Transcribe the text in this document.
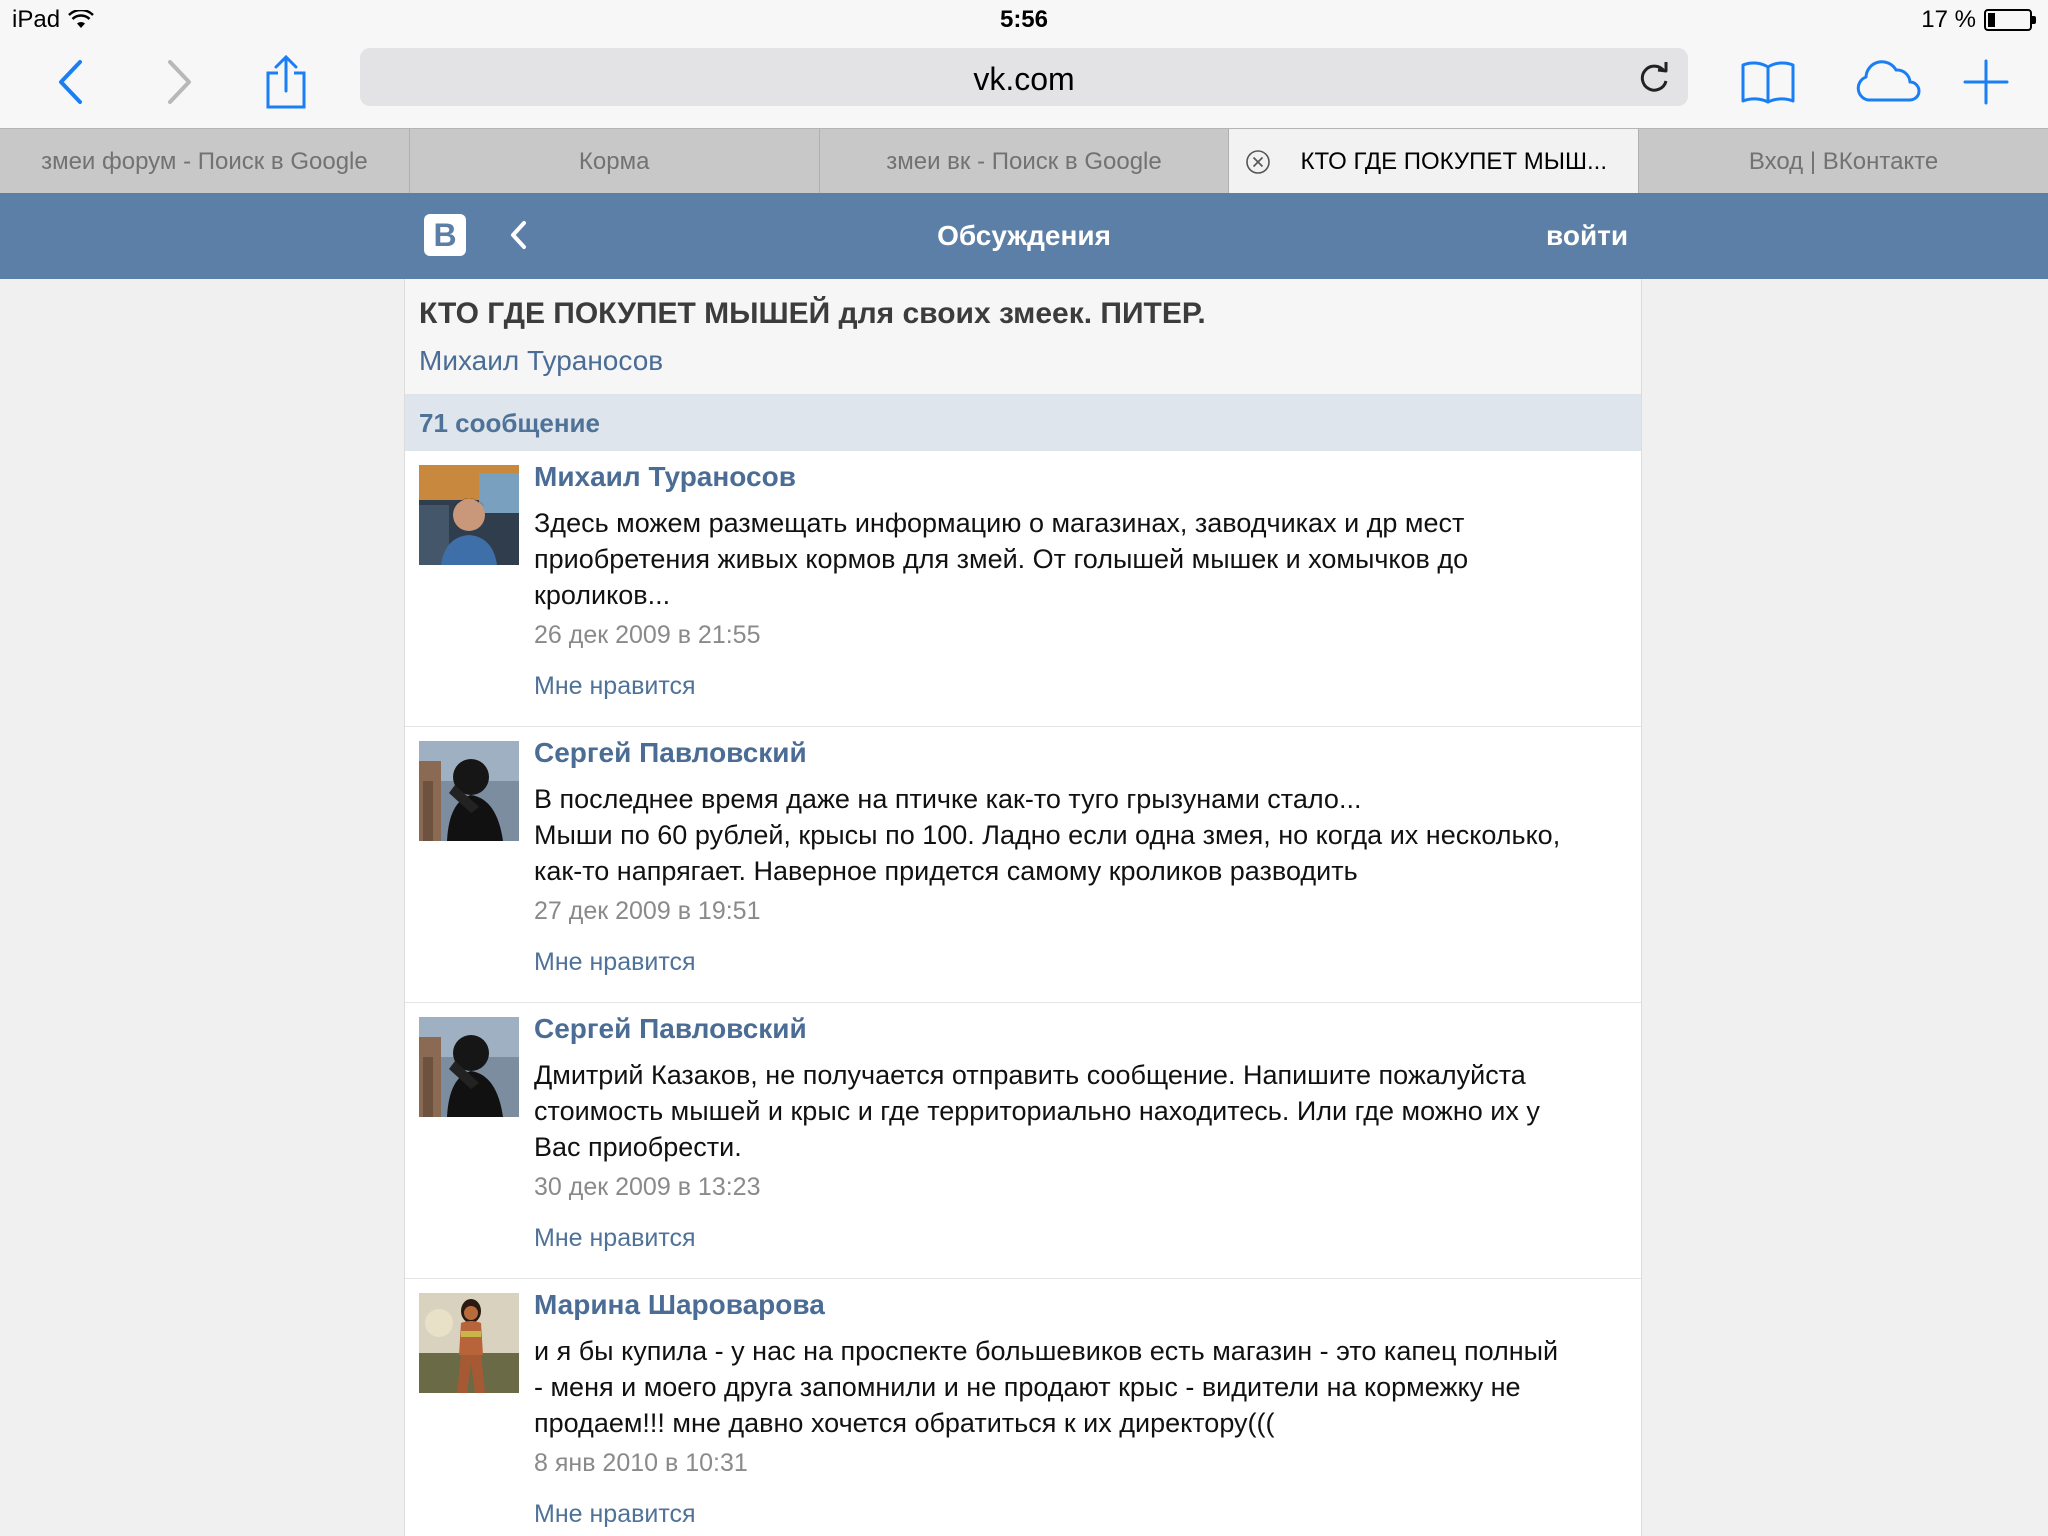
iPad	5:56	17 %
vk.com
змеи форум - Поиск в Google	Корма	змеи вк - Поиск в Google	КТО ГДЕ ПОКУПЕТ МЫШ...	Вход | ВКонтакте
В	Обсуждения	войти
КТО ГДЕ ПОКУПЕТ МЫШЕЙ для своих змеек. ПИТЕР.
Михаил Тураносов
71 сообщение
Михаил Тураносов
Здесь можем размещать информацию о магазинах, заводчиках и др мест
приобретения живых кормов для змей. От голышей мышек и хомычков до
кроликов...
26 дек 2009 в 21:55
Мне нравится
Сергей Павловский
В последнее время даже на птичке как-то туго грызунами стало...
Мыши по 60 рублей, крысы по 100. Ладно если одна змея, но когда их несколько,
как-то напрягает. Наверное придется самому кроликов разводить
27 дек 2009 в 19:51
Мне нравится
Сергей Павловский
Дмитрий Казаков, не получается отправить сообщение. Напишите пожалуйста
стоимость мышей и крыс и где территориально находитесь. Или где можно их у
Вас приобрести.
30 дек 2009 в 13:23
Мне нравится
Марина Шароварова
и я бы купила - у нас на проспекте большевиков есть магазин - это капец полный
- меня и моего друга запомнили и не продают крыс - видители на кормежку не
продаем!!! мне давно хочется обратиться к их директору(((
8 янв 2010 в 10:31
Мне нравится
